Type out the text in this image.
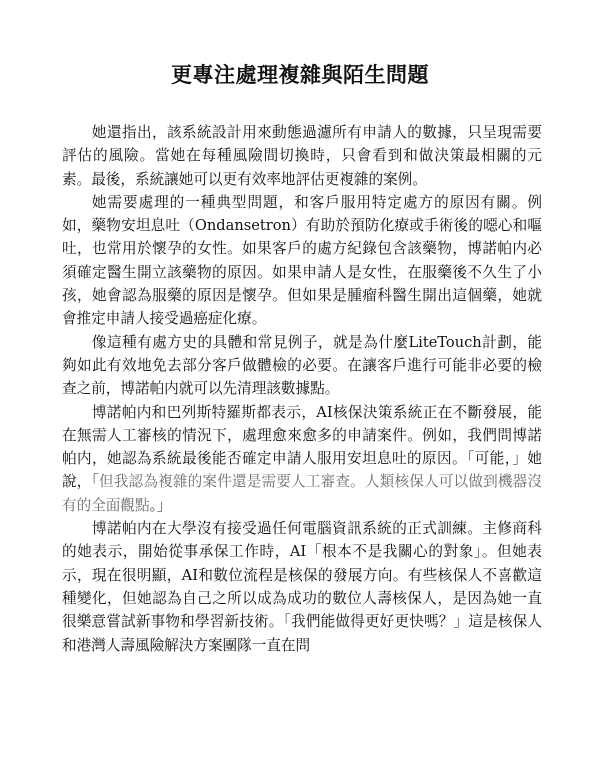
更專注處理複雜與陌生問題

她還指出，該系統設計用來動態過濾所有申請人的數據，只呈現需要評估的風險。當她在每種風險間切換時，只會看到和做決策最相關的元素。最後，系統讓她可以更有效率地評估更複雜的案例。

她需要處理的一種典型問題，和客戶服用特定處方的原因有關。例如，藥物安坦息吐（Ondansetron）有助於預防化療或手術後的噁心和嘔吐，也常用於懷孕的女性。如果客戶的處方紀錄包含該藥物，博諾帕内必須確定醫生開立該藥物的原因。如果申請人是女性，在服藥後不久生了小孩，她會認為服藥的原因是懷孕。但如果是腫瘤科醫生開出這個藥，她就會推定申請人接受過癌症化療。

像這種有處方史的具體和常見例子，就是為什麼LiteTouch計劃，能夠如此有效地免去部分客戶做體檢的必要。在讓客戶進行可能非必要的檢查之前，博諾帕内就可以先清理該數據點。

博諾帕内和巴列斯特羅斯都表示，AI核保決策系統正在不斷發展，能在無需人工審核的情況下，處理愈來愈多的申請案件。例如，我們問博諾帕内，她認為系統最後能否確定申請人服用安坦息吐的原因。「可能，」她說，「但我認為複雜的案件還是需要人工審查。人類核保人可以做到機器沒有的全面觀點。」

博諾帕内在大學沒有接受過任何電腦資訊系統的正式訓練。主修商科的她表示，開始從事承保工作時，AI「根本不是我關心的對象」。但她表示，現在很明顯，AI和數位流程是核保的發展方向。有些核保人不喜歡這種變化，但她認為自己之所以成為成功的數位人壽核保人，是因為她一直很樂意嘗試新事物和學習新技術。「我們能做得更好更快嗎？」這是核保人和港灣人壽風險解決方案團隊一直在問
